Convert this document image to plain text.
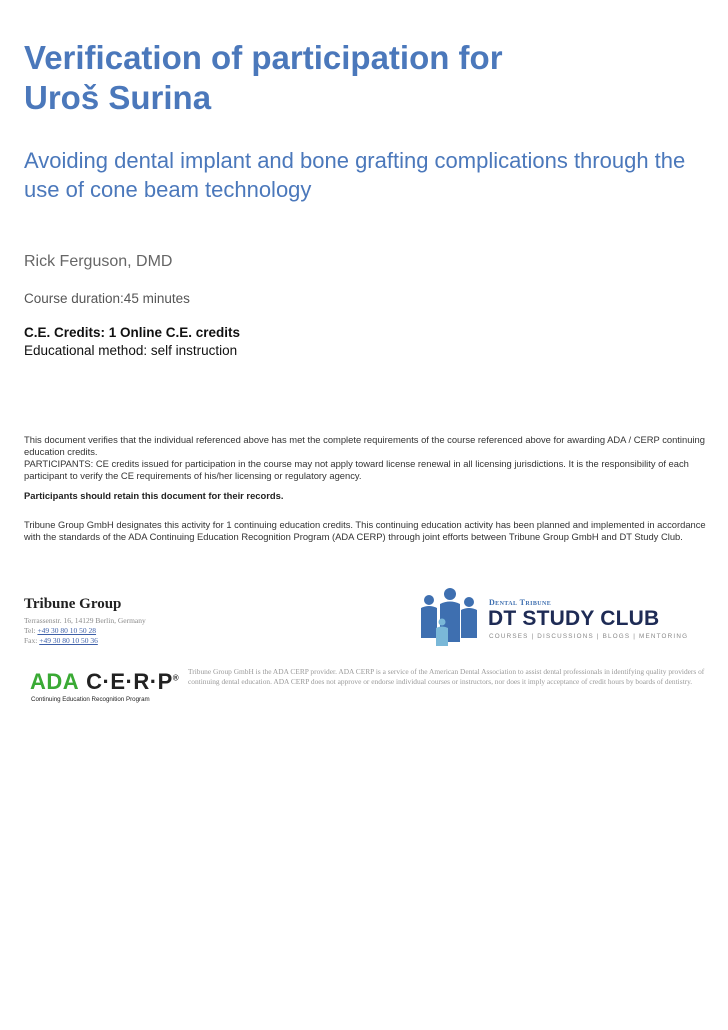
Verification of participation for
Uroš Surina
Avoiding dental implant and bone grafting complications through the use of cone beam technology
Rick Ferguson, DMD
Course duration:45 minutes
C.E. Credits: 1 Online C.E. credits
Educational method: self instruction
This document verifies that the individual referenced above has met the complete requirements of the course referenced above for awarding ADA / CERP continuing education credits.
PARTICIPANTS: CE credits issued for participation in the course may not apply toward license renewal in all licensing jurisdictions. It is the responsibility of each participant to verify the CE requirements of his/her licensing or regulatory agency.
Participants should retain this document for their records.
Tribune Group GmbH designates this activity for 1 continuing education credits. This continuing education activity has been planned and implemented in accordance with the standards of the ADA Continuing Education Recognition Program (ADA CERP) through joint efforts between Tribune Group GmbH and DT Study Club.
Tribune Group
Terrassenstr. 16, 14129 Berlin, Germany
Tel: +49 30 80 10 50 28
Fax: +49 30 80 10 50 36
Dental Tribune
DT STUDY CLUB
COURSES | DISCUSSIONS | BLOGS | MENTORING
ADA C·E·R·P®
Continuing Education Recognition Program
Tribune Group GmbH is the ADA CERP provider. ADA CERP is a service of the American Dental Association to assist dental professionals in identifying quality providers of continuing dental education. ADA CERP does not approve or endorse individual courses or instructors, nor does it imply acceptance of credit hours by boards of dentistry.
